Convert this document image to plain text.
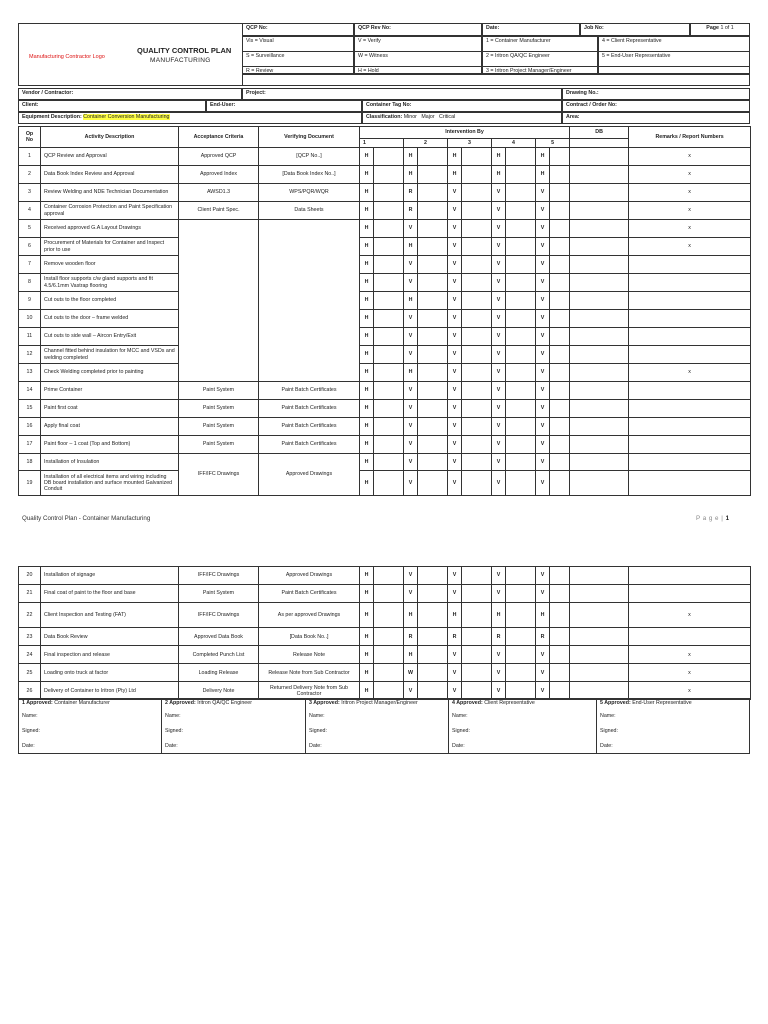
Manufacturing Contractor Logo
QUALITY CONTROL PLAN
MANUFACTURING
QCP No:	QCP Rev No:	Date:	Job No:	Page 1 of 1
Vis = Visual
S = Surveillance
R = Review
V = Verify
W = Witness
H = Hold
1 = Container Manufacturer
2 = Iritron QA/QC Engineer
3 = Iritron Project Manager/Engineer
4 = Client Representative
5 = End-User Representative
Vendor / Contractor:	Project:	Drawing No.:
Client:	End-User:	Container Tag No:	Contract / Order No:
Equipment Description: Container Conversion Manufacturing	Classification: Minor   Major   Critical	Area:
Op No	Activity Description	Acceptance Criteria	Verifying Document	Intervention By										DB	Remarks / Report Numbers	
				1		2		3		4		5				
1	QCP Review and Approval	Approved QCP	[QCP No..]	H		H		H		H		H			x	
2	Data Book Index Review and Approval	Approved Index	[Data Book Index No..]	H		H		H		H		H			x	
3	Review Welding and NDE Technician Documentation	AWSD1.3	WPS/PQR/WQR	H		R		V		V		V			x	
4	Container Corrosion Protection and Paint Specification approval	Client Paint Spec.	Data Sheets	H		R		V		V		V			x	
5	Received approved G.A Layout Drawings			H		V		V		V		V			x	
6	Procurement of Materials for Container and Inspect prior to use			H		H		V		V		V			x	
7	Remove wooden floor			H		V		V		V		V				
8	Install floor supports c/w gland supports and fit 4.5/6.1mm Vastrap flooring			H		V		V		V		V				
9	Cut outs to the floor completed			H		H		V		V		V				
10	Cut outs to the door – frame welded			H		V		V		V		V				
11	Cut outs to side wall – Aircon Entry/Exit			H		V		V		V		V				
12	Channel fitted behind insulation for MCC and VSDs and welding completed			H		V		V		V		V				
13	Check Welding completed prior to painting			H		H		V		V		V			x	
14	Prime Container	Paint System	Paint Batch Certificates	H		V		V		V		V				
15	Paint first coat	Paint System	Paint Batch Certificates	H		V		V		V		V				
16	Apply final coat	Paint System	Paint Batch Certificates	H		V		V		V		V				
17	Paint floor – 1 coat (Top and Bottom)	Paint System	Paint Batch Certificates	H		V		V		V		V				
18	Installation of Insulation	IFF/IFC Drawings	Approved Drawings	H		V		V		V		V				
19	Installation of all electrical items and wiring including DB board installation and surface mounted Galvanized Conduit			H		V		V		V		V				
Quality Control Plan - Container Manufacturing	P a g e | 1
20	Installation of signage	IFF/IFC Drawings	Approved Drawings	H		V		V		V		V				
21	Final coat of paint to the floor and base	Paint System	Paint Batch Certificates	H		V		V		V		V				
22	Client Inspection and Testing (FAT)	IFF/IFC Drawings	As per approved Drawings	H		H		H		H		H			x	
23	Data Book Review	Approved Data Book	[Data Book No..]	H		R		R		R		R				
24	Final inspection and release	Completed Punch List	Release Note	H		H		V		V		V			x	
25	Loading onto truck at factor	Loading Release	Release Note from Sub Contractor	H		W		V		V		V			x	
26	Delivery of Container to Iritron (Pty) Ltd	Delivery Note	Returned Delivery Note from Sub Contractor	H		V		V		V		V			x	
1 Approved: Container Manufacturer
Name:
Signed:
Date:
2 Approved: Iritron QA/QC Engineer
Name:
Signed:
Date:
3 Approved: Iritron Project Manager/Engineer
Name:
Signed:
Date:
4 Approved: Client Representative
Name:
Signed:
Date:
5 Approved: End-User Representative
Name:
Signed:
Date:
